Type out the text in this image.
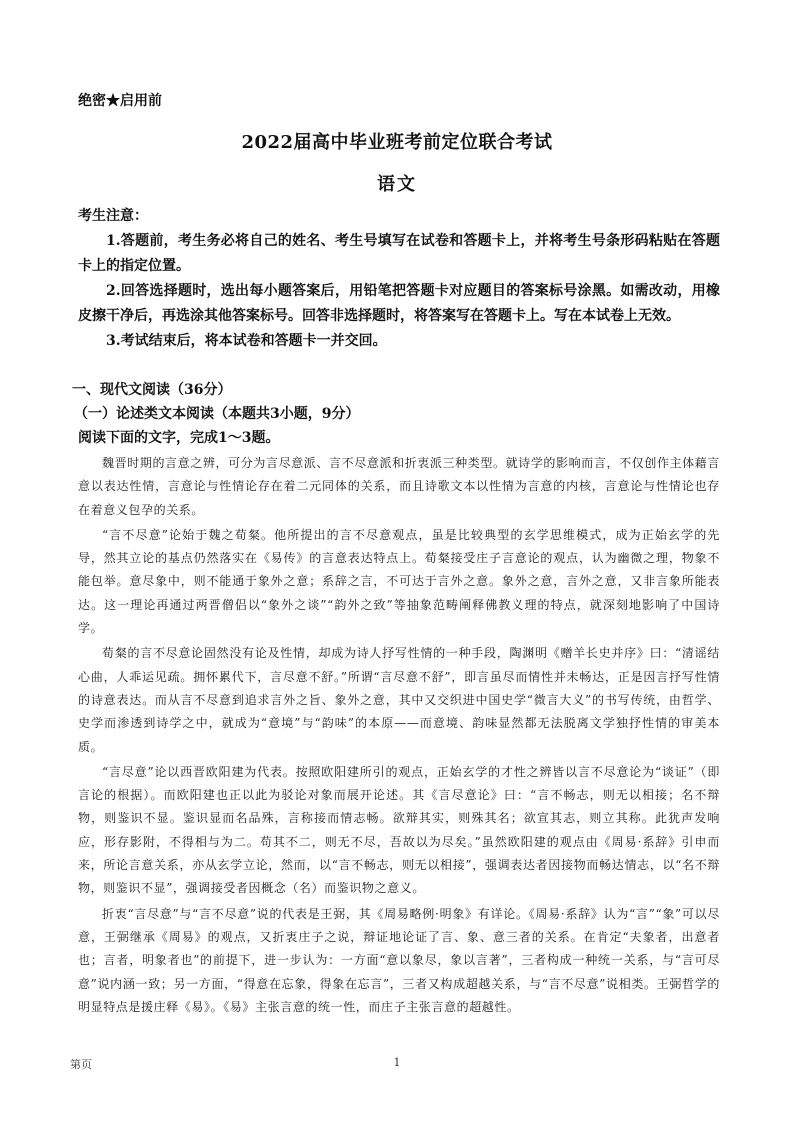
绝密★启用前
2022届高中毕业班考前定位联合考试
语文
考生注意：

1.答题前，考生务必将自己的姓名、考生号填写在试卷和答题卡上，并将考生号条形码粘贴在答题卡上的指定位置。

2.回答选择题时，选出每小题答案后，用铅笔把答题卡对应题目的答案标号涂黑。如需改动，用橡皮擦干净后，再选涂其他答案标号。回答非选择题时，将答案写在答题卡上。写在本试卷上无效。

3.考试结束后，将本试卷和答题卡一并交回。

一、现代文阅读（36分）
（一）论述类文本阅读（本题共3小题，9分）
阅读下面的文字，完成1～3题。

魏晋时期的言意之辨，可分为言尽意派、言不尽意派和折衷派三种类型。就诗学的影响而言，不仅创作主体藉言意以表达性情，言意论与性情论存在着二元同体的关系，而且诗歌文本以性情为言意的内核，言意论与性情论也存在着意义包孕的关系。

“言不尽意”论始于魏之荀粲。他所提出的言不尽意观点，虽是比较典型的玄学思维模式，成为正始玄学的先导，然其立论的基点仍然落实在《易传》的言意表达特点上。荀粲接受庄子言意论的观点，认为幽微之理，物象不能包举。意尽象中，则不能通于象外之意；系辞之言，不可达于言外之意。象外之意，言外之意，又非言象所能表达。这一理论再通过两晋僧侣以“象外之谈”“韵外之致”等抽象范畴阐释佛教义理的特点，就深刻地影响了中国诗学。

荀粲的言不尽意论固然没有论及性情，却成为诗人抒写性情的一种手段，陶渊明《赠羊长史并序》曰：“清谣结心曲，人乖运见疏。拥怀累代下，言尽意不舒。”所谓“言尽意不舒”，即言虽尽而情性并未畅达，正是因言抒写性情的诗意表达。而从言不尽意到追求言外之旨、象外之意，其中又交织进中国史学“微言大义”的书写传统，由哲学、史学而渗透到诗学之中，就成为“意境”与“韵味”的本原——而意境、韵味显然都无法脱离文学独抒性情的审美本质。

“言尽意”论以西晋欧阳建为代表。按照欧阳建所引的观点，正始玄学的才性之辨皆以言不尽意论为“谈证”（即言论的根据）。而欧阳建也正以此为驳论对象而展开论述。其《言尽意论》曰：“言不畅志，则无以相接；名不辩物，则鉴识不显。鉴识显而名品殊，言称接而情志畅。欲辩其实，则殊其名；欲宣其志，则立其称。此犹声发响应，形存影附，不得相与为二。苟其不二，则无不尽，吾故以为尽矣。”虽然欧阳建的观点由《周易·系辞》引申而来，所论言意关系，亦从玄学立论，然而，以“言不畅志，则无以相接”，强调表达者因接物而畅达情志，以“名不辩物，则鉴识不显”，强调接受者因概念（名）而鉴识物之意义。

折衷“言尽意”与“言不尽意”说的代表是王弼，其《周易略例·明象》有详论。《周易·系辞》认为“言”“象”可以尽意，王弼继承《周易》的观点，又折衷庄子之说，辩证地论证了言、象、意三者的关系。在肯定“夫象者，出意者也；言者，明象者也”的前提下，进一步认为：一方面“意以象尽，象以言著”，三者构成一种统一关系，与“言可尽意”说内涵一致；另一方面，“得意在忘象，得象在忘言”，三者又构成超越关系，与“言不尽意”说相类。王弼哲学的明显特点是援庄释《易》。《易》主张言意的统一性，而庄子主张言意的超越性。

第页	1
